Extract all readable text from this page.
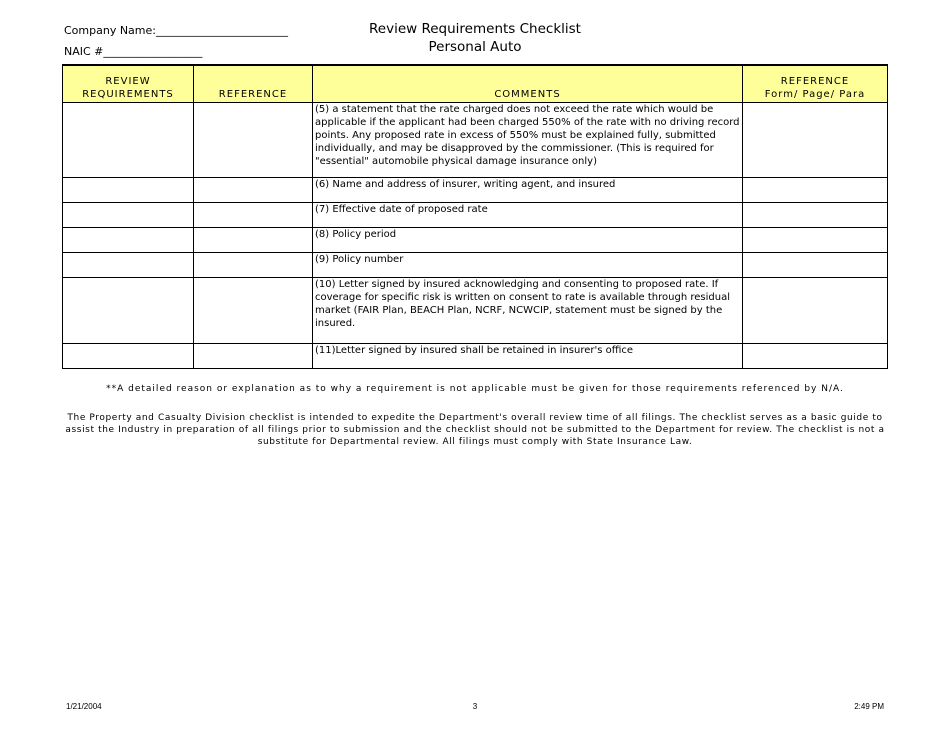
Company Name:________________________
NAIC #__________________
Review Requirements Checklist
Personal Auto
REVIEW
REQUIREMENTS	REFERENCE	COMMENTS	REFERENCE
Form/ Page/ Para
		(5) a statement that the rate charged does not exceed the rate which would be applicable if the applicant had been charged 550% of the rate with no driving record points. Any proposed rate in excess of 550% must be explained fully, submitted individually, and may be disapproved by the commissioner. (This is required for "essential" automobile physical damage insurance only)	
		(6) Name and address of insurer, writing agent, and insured	
		(7) Effective date of proposed rate	
		(8) Policy period	
		(9) Policy number	
		(10) Letter signed by insured acknowledging and consenting to proposed rate. If coverage for specific risk is written on consent to rate is available through residual market (FAIR Plan, BEACH Plan, NCRF, NCWCIP, statement must be signed by the insured.	
		(11)Letter signed by insured shall be retained in insurer's office	
**A detailed reason or explanation as to why a requirement is not applicable must be given for those requirements referenced by N/A.
The Property and Casualty Division checklist is intended to expedite the Department's overall review time of all filings. The checklist serves as a basic guide to assist the Industry in preparation of all filings prior to submission and the checklist should not be submitted to the Department for review. The checklist is not a substitute for Departmental review. All filings must comply with State Insurance Law.
1/21/2004	3	2:49 PM
